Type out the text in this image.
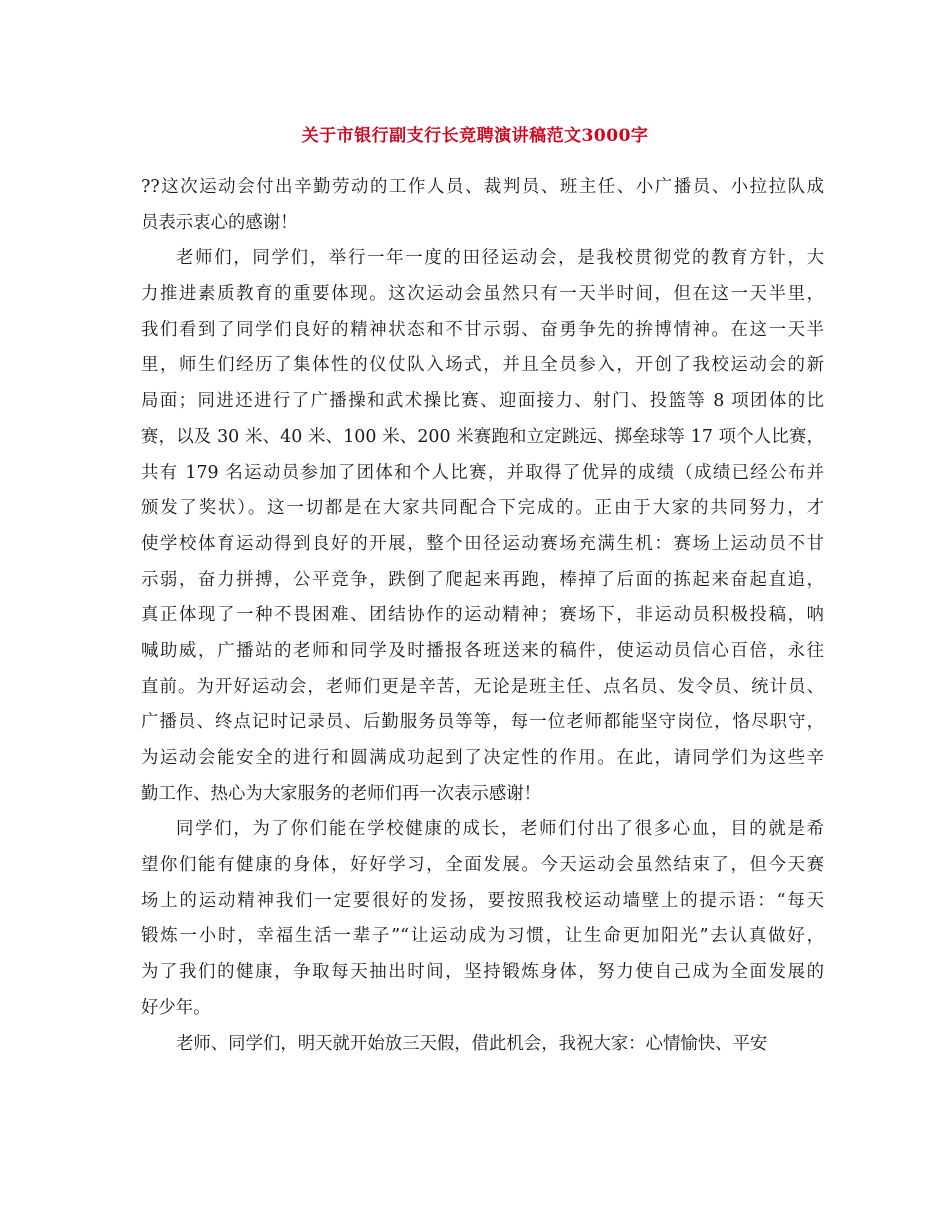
关于市银行副支行长竞聘演讲稿范文3000字
??这次运动会付出辛勤劳动的工作人员、裁判员、班主任、小广播员、小拉拉队成
员表示衷心的感谢！
老师们，同学们，举行一年一度的田径运动会，是我校贯彻党的教育方针，大
力推进素质教育的重要体现。这次运动会虽然只有一天半时间，但在这一天半里，
我们看到了同学们良好的精神状态和不甘示弱、奋勇争先的拚博情神。在这一天半
里，师生们经历了集体性的仪仗队入场式，并且全员参入，开创了我校运动会的新
局面；同进还进行了广播操和武术操比赛、迎面接力、射门、投篮等 8 项团体的比
赛，以及 30 米、40 米、100 米、200 米赛跑和立定跳远、掷垒球等 17 项个人比赛，
共有 179 名运动员参加了团体和个人比赛，并取得了优异的成绩（成绩已经公布并
颁发了奖状）。这一切都是在大家共同配合下完成的。正由于大家的共同努力，才
使学校体育运动得到良好的开展，整个田径运动赛场充满生机：赛场上运动员不甘
示弱，奋力拼搏，公平竞争，跌倒了爬起来再跑，棒掉了后面的拣起来奋起直追，
真正体现了一种不畏困难、团结协作的运动精神；赛场下，非运动员积极投稿，呐
喊助威，广播站的老师和同学及时播报各班送来的稿件，使运动员信心百倍，永往
直前。为开好运动会，老师们更是辛苦，无论是班主任、点名员、发令员、统计员、
广播员、终点记时记录员、后勤服务员等等，每一位老师都能坚守岗位，恪尽职守，
为运动会能安全的进行和圆满成功起到了决定性的作用。在此，请同学们为这些辛
勤工作、热心为大家服务的老师们再一次表示感谢！
同学们，为了你们能在学校健康的成长，老师们付出了很多心血，目的就是希
望你们能有健康的身体，好好学习，全面发展。今天运动会虽然结束了，但今天赛
场上的运动精神我们一定要很好的发扬，要按照我校运动墙壁上的提示语：“每天
锻炼一小时，幸福生活一辈子”“让运动成为习惯，让生命更加阳光”去认真做好，
为了我们的健康，争取每天抽出时间，坚持锻炼身体，努力使自己成为全面发展的
好少年。
老师、同学们，明天就开始放三天假，借此机会，我祝大家：心情愉快、平安
